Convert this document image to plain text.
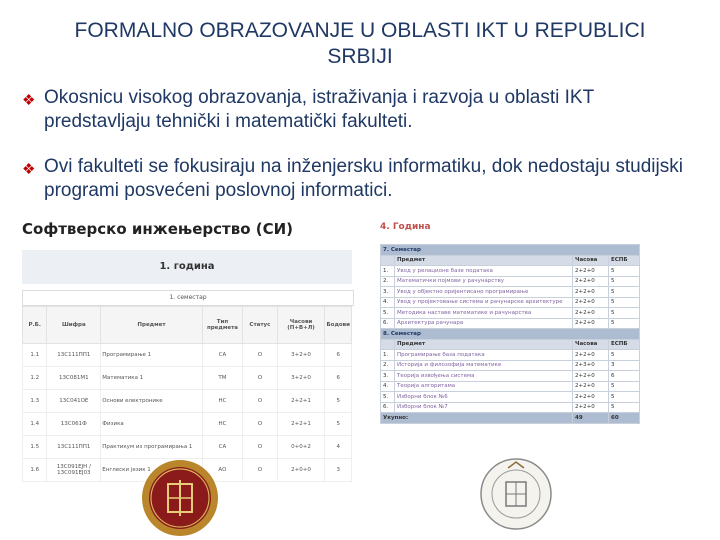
FORMALNO OBRAZOVANJE U OBLASTI IKT U REPUBLICI SRBIJI
❖ Okosnicu visokog obrazovanja, istraživanja i razvoja u oblasti IKT predstavljaju tehnički i matematički fakulteti.
❖ Ovi fakulteti se fokusiraju na inženjersku informatiku, dok nedostaju studijski programi posvećeni poslovnoj informatici.
Софтверско инжењерство (СИ)
1. година
1. семестар
Р.Б.	Шифра	Предмет	Тип предмета	Статус	Часови (П+В+Л)	Бодови
1.1	13С111ПП1	Програмирање 1	СА	О	3+2+0	6
1.2	13С081М1	Математика 1	ТМ	О	3+2+0	6
1.3	13С041ОЕ	Основи електронике	НС	О	2+2+1	5
1.4	13С061Ф	Физика	НС	О	2+2+1	5
1.5	13С111ПП1	Практикум из програмирања 1	СА	О	0+0+2	4
1.6	13С091ЕЈН / 13С091ЕЈ03	Енглески језик 1	АО	О	2+0+0	3
4. Година
7. Семестар			
	Предмет	Часова	ЕСПБ
1.	Увод у релационе базе података	2+2+0	5
2.	Математички појмови у рачунарству	2+2+0	5
3.	Увод у објектно оријентисано програмирање	2+2+0	5
4.	Увод у пројектовање система и рачунарске архитектуре	2+2+0	5
5.	Методика наставе математике и рачунарства	2+2+0	5
6.	Архитектура рачунара	2+2+0	5
8. Семестар			
	Предмет	Часова	ЕСПБ
1.	Програмирање база података	2+2+0	5
2.	Историја и филозофија математике	2+3+0	3
3.	Теорија извођења система	2+2+0	6
4.	Теорија алгоритама	2+2+0	5
5.	Изборни блок №6	2+2+0	5
6.	Изборни блок №7	2+2+0	5
Укупно:		49	60
